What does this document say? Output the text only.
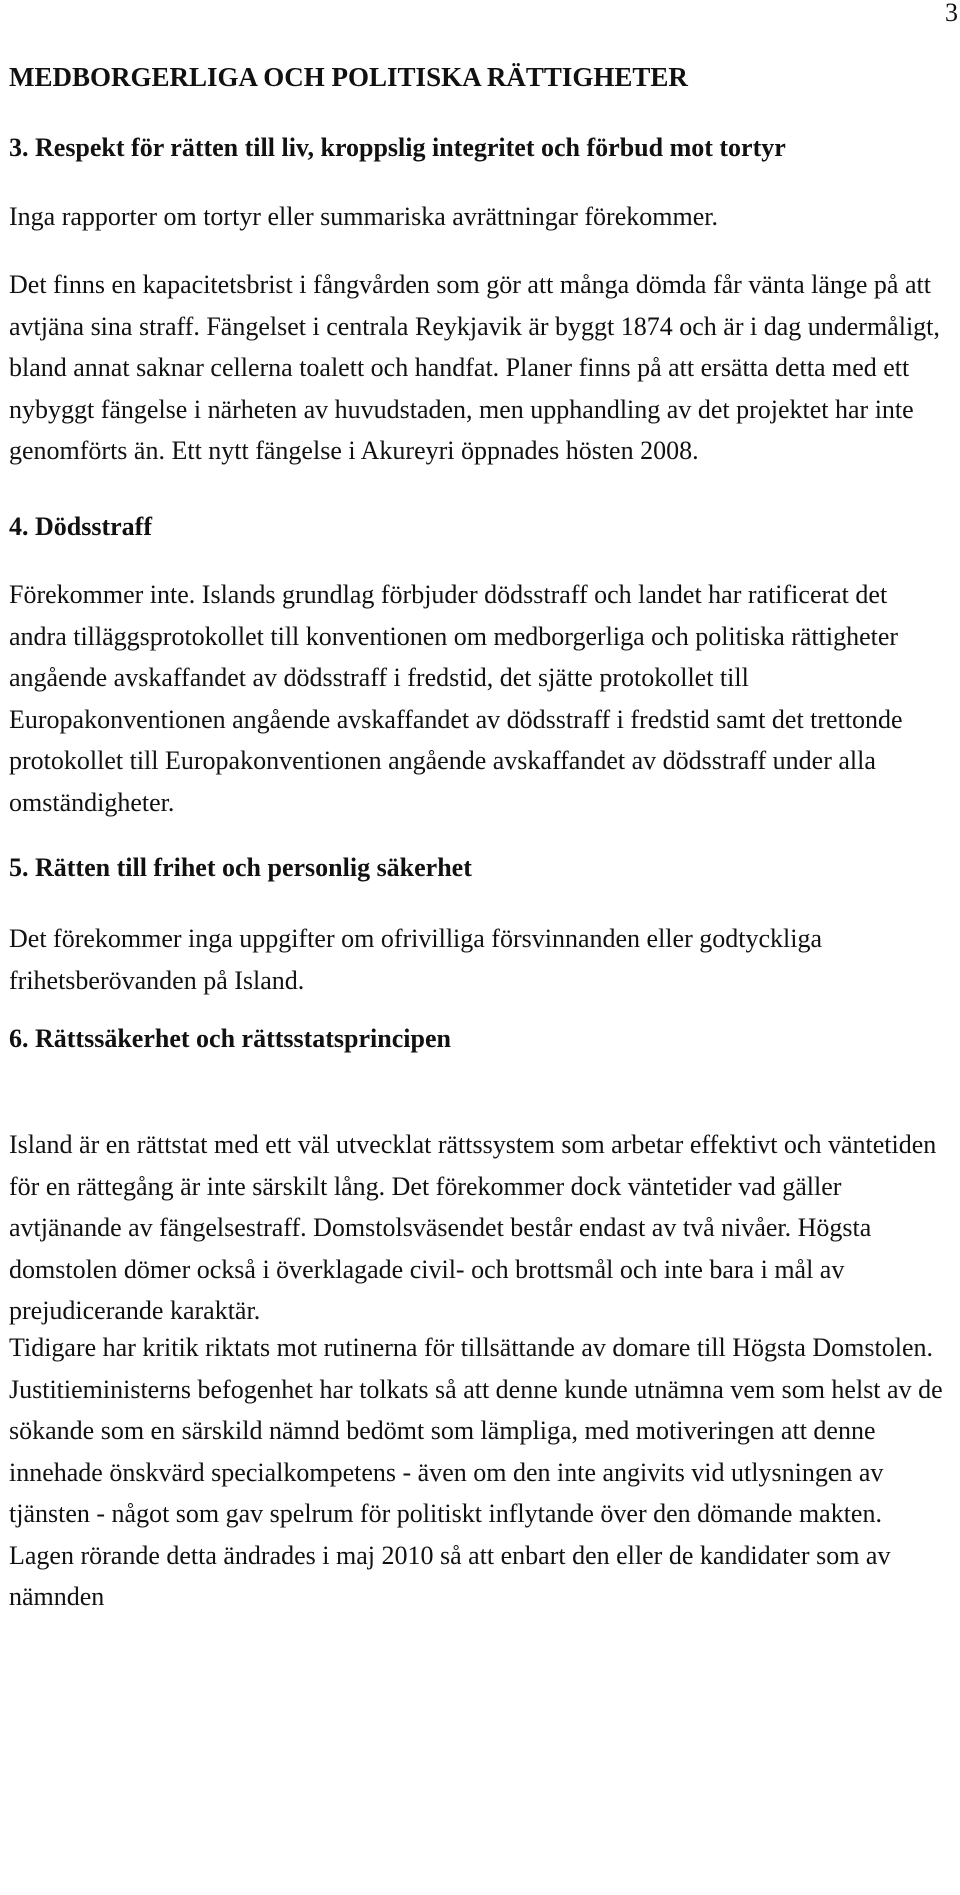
3
MEDBORGERLIGA OCH POLITISKA RÄTTIGHETER
3. Respekt för rätten till liv, kroppslig integritet och förbud mot tortyr

Inga rapporter om tortyr eller summariska avrättningar förekommer.

Det finns en kapacitetsbrist i fångvården som gör att många dömda får vänta länge på att avtjäna sina straff. Fängelset i centrala Reykjavik är byggt 1874 och är i dag undermåligt, bland annat saknar cellerna toalett och handfat. Planer finns på att ersätta detta med ett nybyggt fängelse i närheten av huvudstaden, men upphandling av det projektet har inte genomförts än. Ett nytt fängelse i Akureyri öppnades hösten 2008.

4. Dödsstraff

Förekommer inte. Islands grundlag förbjuder dödsstraff och landet har ratificerat det andra tilläggsprotokollet till konventionen om medborgerliga och politiska rättigheter angående avskaffandet av dödsstraff i fredstid, det sjätte protokollet till Europakonventionen angående avskaffandet av dödsstraff i fredstid samt det trettonde protokollet till Europakonventionen angående avskaffandet av dödsstraff under alla omständigheter.

5. Rätten till frihet och personlig säkerhet

Det förekommer inga uppgifter om ofrivilliga försvinnanden eller godtyckliga frihetsberövanden på Island.

6. Rättssäkerhet och rättsstatsprincipen

Island är en rättstat med ett väl utvecklat rättssystem som arbetar effektivt och väntetiden för en rättegång är inte särskilt lång. Det förekommer dock väntetider vad gäller avtjänande av fängelsestraff. Domstolsväsendet består endast av två nivåer. Högsta domstolen dömer också i överklagade civil- och brottsmål och inte bara i mål av prejudicerande karaktär.

Tidigare har kritik riktats mot rutinerna för tillsättande av domare till Högsta Domstolen. Justitieministerns befogenhet har tolkats så att denne kunde utnämna vem som helst av de sökande som en särskild nämnd bedömt som lämpliga, med motiveringen att denne innehade önskvärd specialkompetens - även om den inte angivits vid utlysningen av tjänsten - något som gav spelrum för politiskt inflytande över den dömande makten. Lagen rörande detta ändrades i maj 2010 så att enbart den eller de kandidater som av nämnden
